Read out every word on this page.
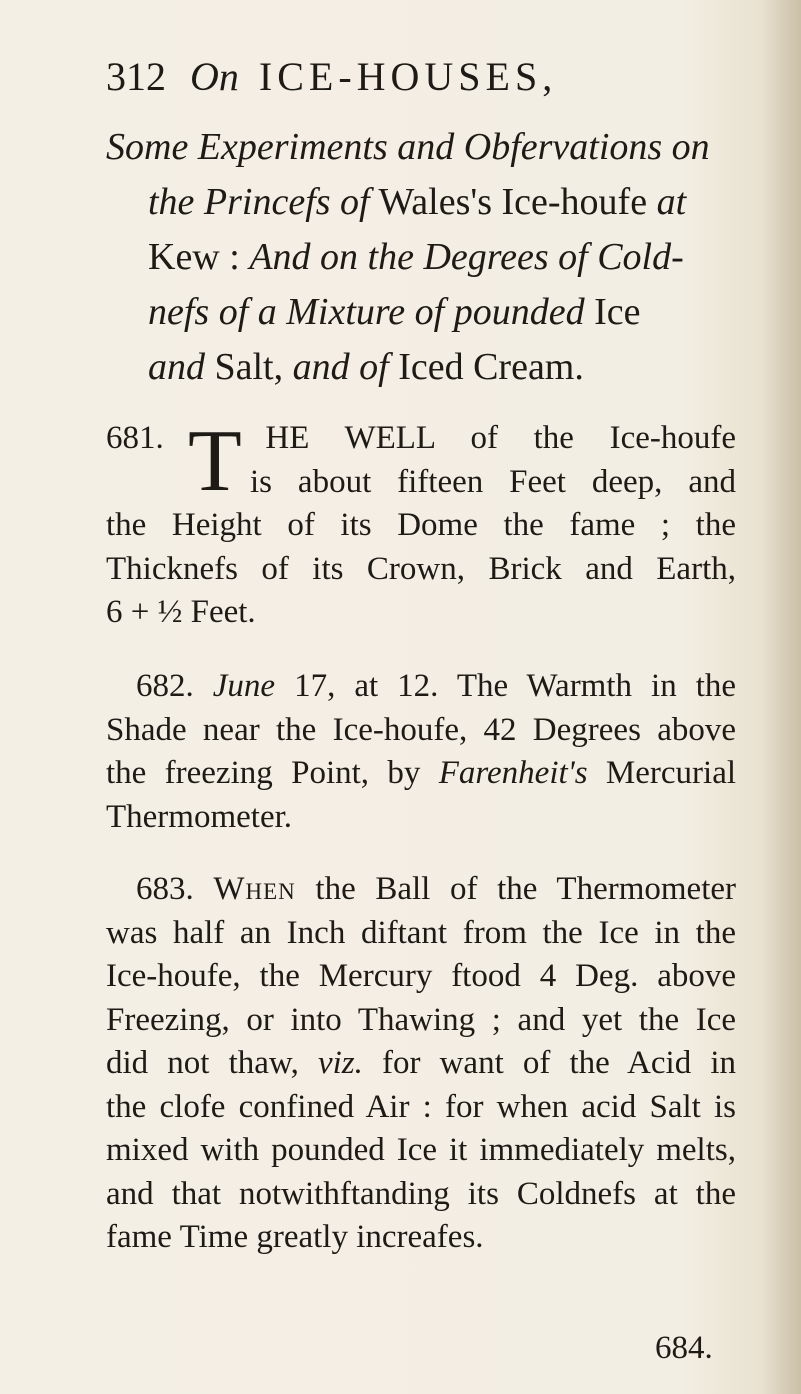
312 On ICE-HOUSES,
Some Experiments and Obfervations on
the Princefs of Wales's Ice-houfe at
Kew : And on the Degrees of Cold-
nefs of a Mixture of pounded Ice
and Salt, and of Iced Cream.
T
681.	HE WELL of the Ice-houfe
is about fifteen Feet deep, and
the Height of its Dome the fame ; the
Thicknefs of its Crown, Brick and Earth,
6 + ½ Feet.
682. June 17, at 12. The Warmth in the
Shade near the Ice-houfe, 42 Degrees above
the freezing Point, by Farenheit's Mercurial
Thermometer.
683. When the Ball of the Thermometer
was half an Inch diftant from the Ice in the
Ice-houfe, the Mercury ftood 4 Deg. above
Freezing, or into Thawing ; and yet the Ice
did not thaw, viz. for want of the Acid in
the clofe confined Air : for when acid Salt is
mixed with pounded Ice it immediately melts,
and that notwithftanding its Coldnefs at the
fame Time greatly increafes.
684.
